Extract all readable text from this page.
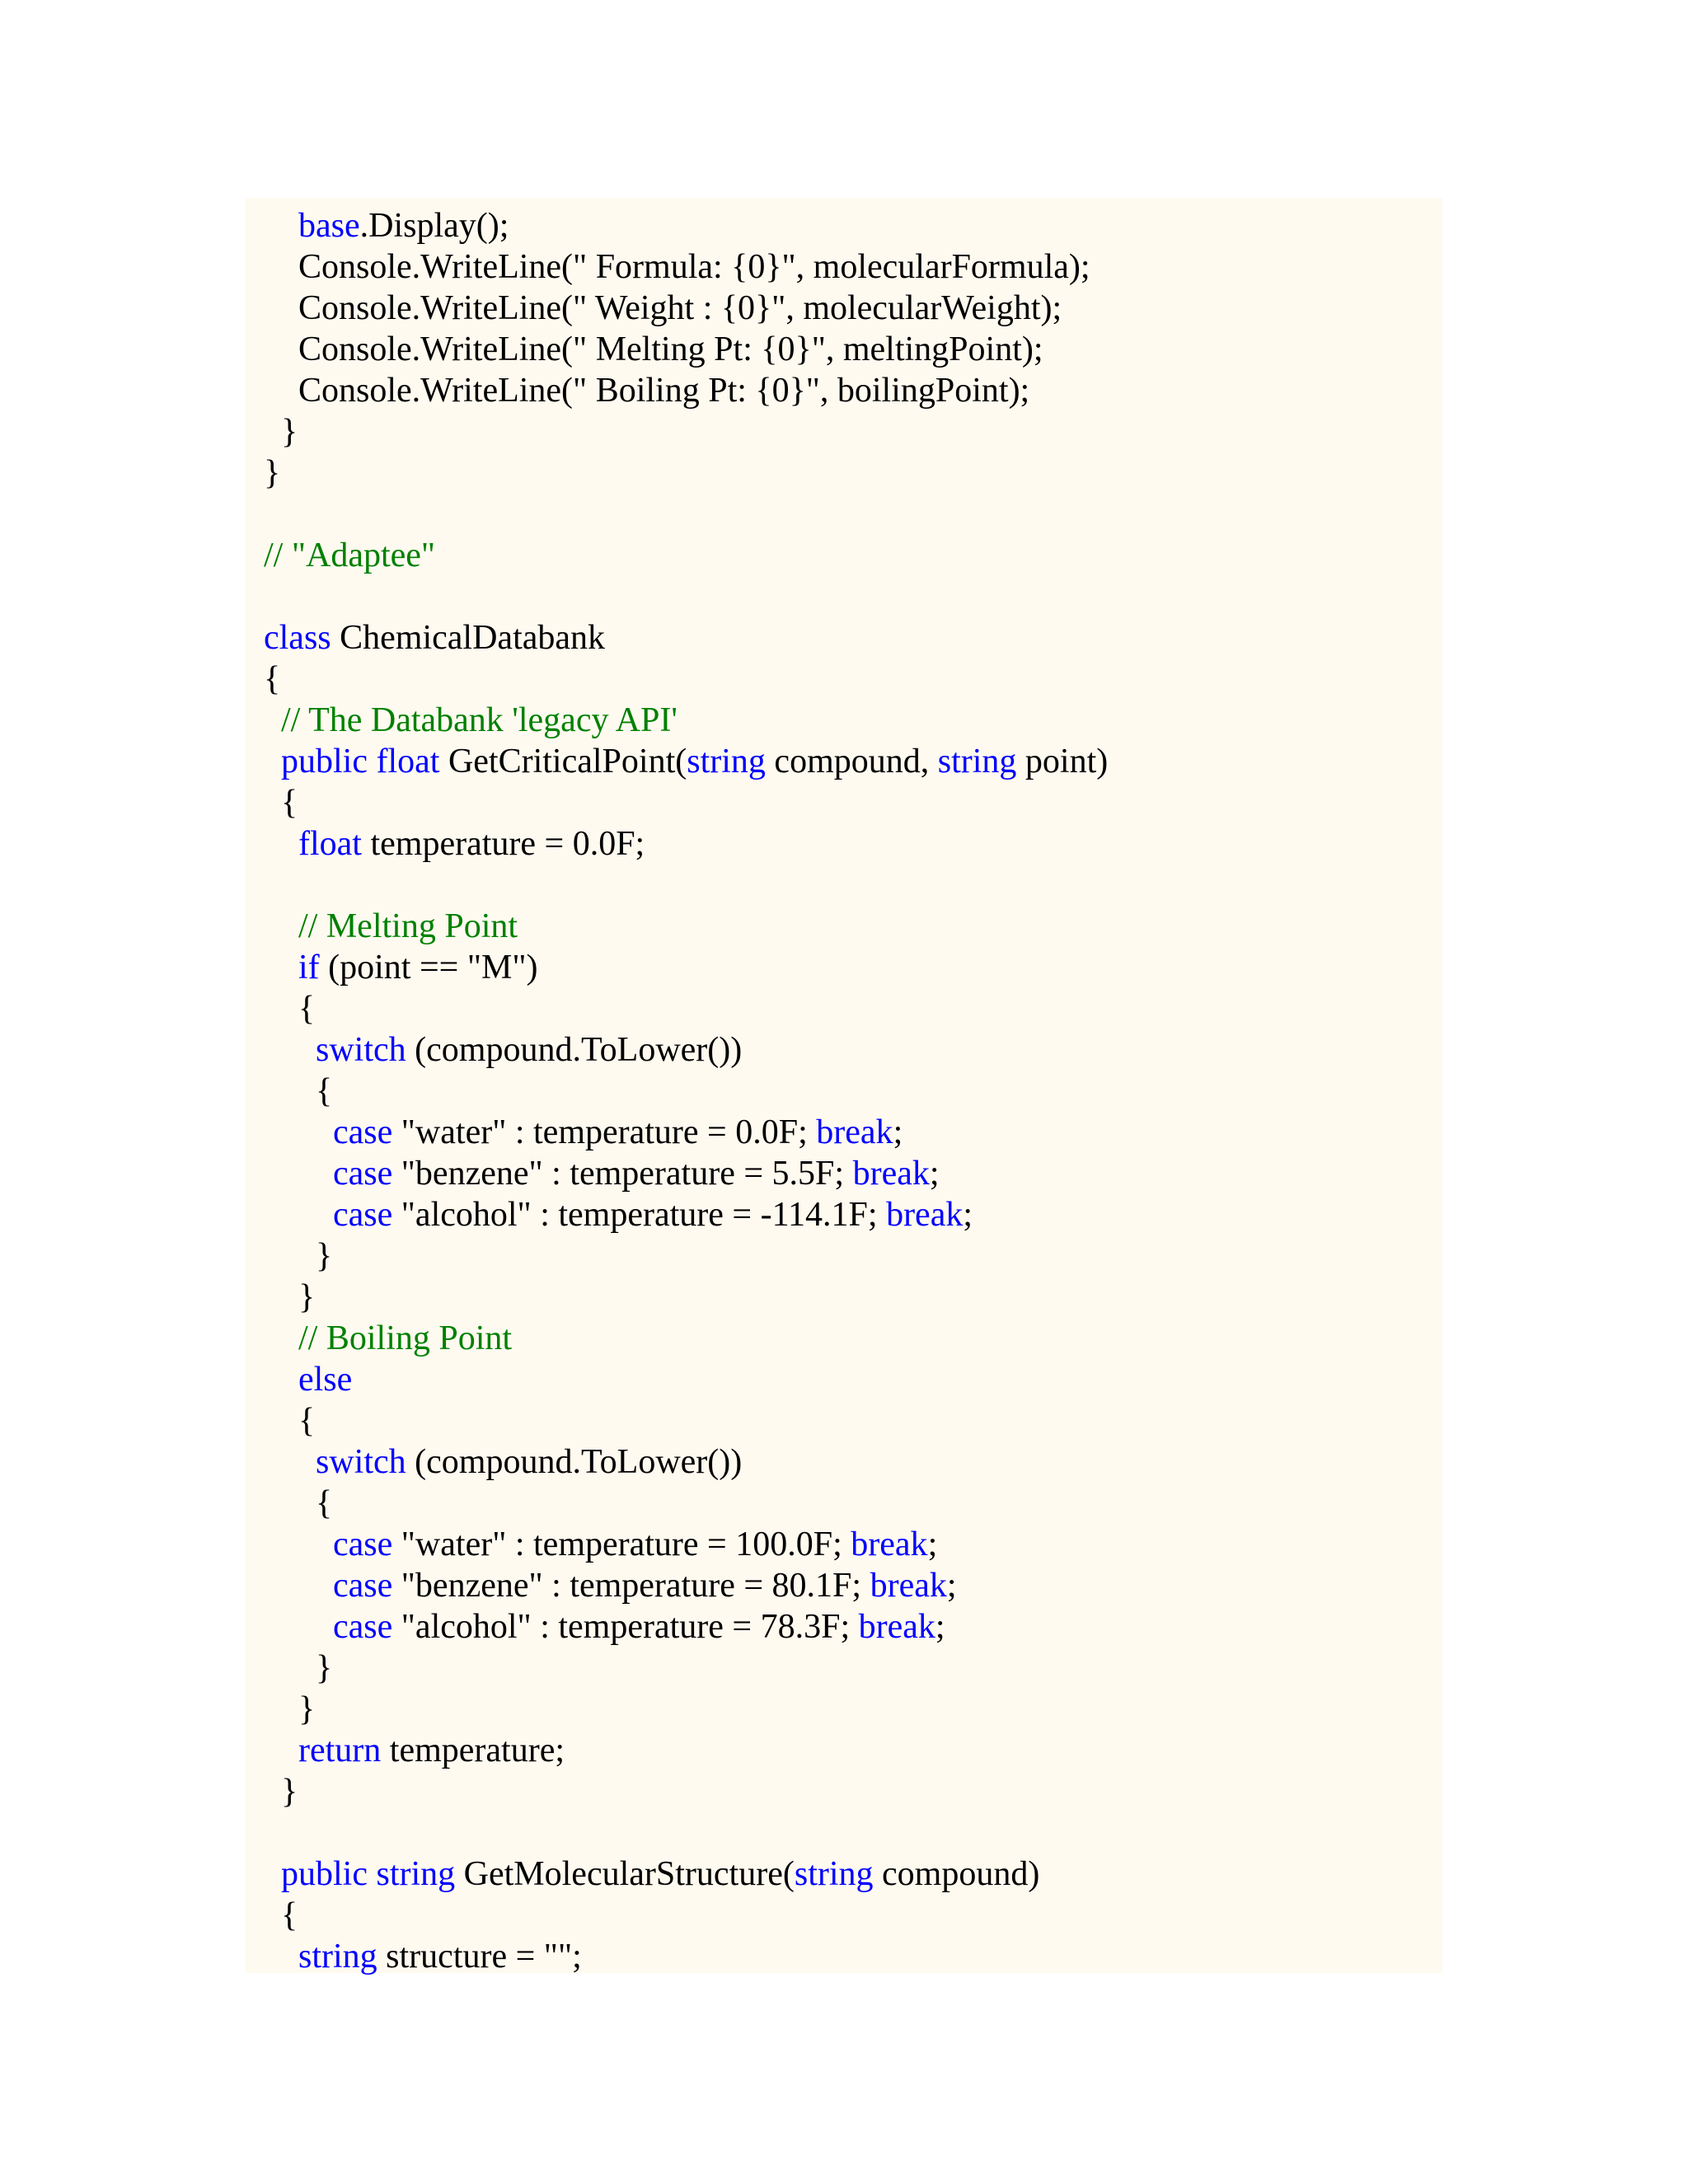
base.Display();
Console.WriteLine(" Formula: {0}", molecularFormula);
Console.WriteLine(" Weight : {0}", molecularWeight);
Console.WriteLine(" Melting Pt: {0}", meltingPoint);
Console.WriteLine(" Boiling Pt: {0}", boilingPoint);
}
}
// "Adaptee"
class ChemicalDatabank
{
// The Databank 'legacy API'
public float GetCriticalPoint(string compound, string point)
{
float temperature = 0.0F;
// Melting Point
if (point == "M")
{
switch (compound.ToLower())
{
case "water" : temperature = 0.0F; break;
case "benzene" : temperature = 5.5F; break;
case "alcohol" : temperature = -114.1F; break;
}
}
// Boiling Point
else
{
switch (compound.ToLower())
{
case "water" : temperature = 100.0F; break;
case "benzene" : temperature = 80.1F; break;
case "alcohol" : temperature = 78.3F; break;
}
}
return temperature;
}
public string GetMolecularStructure(string compound)
{
string structure = "";
